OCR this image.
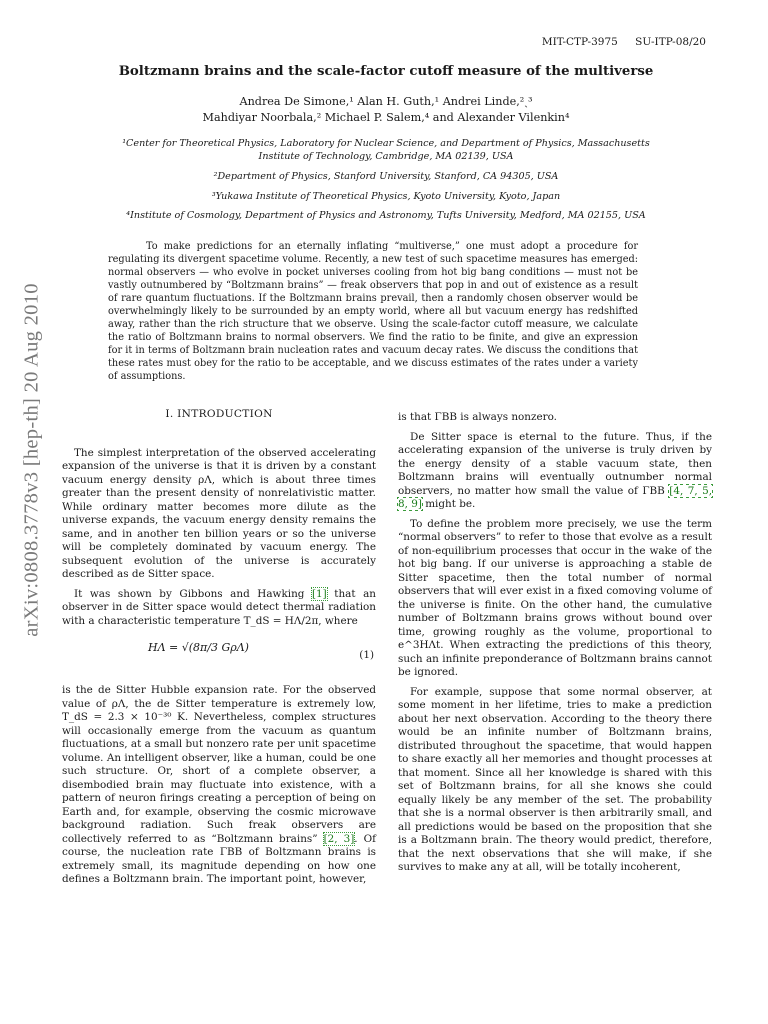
MIT-CTP-3975 SU-ITP-08/20
arXiv:0808.3778v3 [hep-th] 20 Aug 2010
Boltzmann brains and the scale-factor cutoff measure of the multiverse
Andrea De Simone,¹ Alan H. Guth,¹ Andrei Linde,²ˎ³
Mahdiyar Noorbala,² Michael P. Salem,⁴ and Alexander Vilenkin⁴
¹Center for Theoretical Physics, Laboratory for Nuclear Science, and Department of Physics, Massachusetts Institute of Technology, Cambridge, MA 02139, USA
²Department of Physics, Stanford University, Stanford, CA 94305, USA
³Yukawa Institute of Theoretical Physics, Kyoto University, Kyoto, Japan
⁴Institute of Cosmology, Department of Physics and Astronomy, Tufts University, Medford, MA 02155, USA
To make predictions for an eternally inflating “multiverse,” one must adopt a procedure for regulating its divergent spacetime volume. Recently, a new test of such spacetime measures has emerged: normal observers — who evolve in pocket universes cooling from hot big bang conditions — must not be vastly outnumbered by “Boltzmann brains” — freak observers that pop in and out of existence as a result of rare quantum fluctuations. If the Boltzmann brains prevail, then a randomly chosen observer would be overwhelmingly likely to be surrounded by an empty world, where all but vacuum energy has redshifted away, rather than the rich structure that we observe. Using the scale-factor cutoff measure, we calculate the ratio of Boltzmann brains to normal observers. We find the ratio to be finite, and give an expression for it in terms of Boltzmann brain nucleation rates and vacuum decay rates. We discuss the conditions that these rates must obey for the ratio to be acceptable, and we discuss estimates of the rates under a variety of assumptions.
I. INTRODUCTION

The simplest interpretation of the observed accelerating expansion of the universe is that it is driven by a constant vacuum energy density ρΛ, which is about three times greater than the present density of nonrelativistic matter. While ordinary matter becomes more dilute as the universe expands, the vacuum energy density remains the same, and in another ten billion years or so the universe will be completely dominated by vacuum energy. The subsequent evolution of the universe is accurately described as de Sitter space.

It was shown by Gibbons and Hawking [1] that an observer in de Sitter space would detect thermal radiation with a characteristic temperature T_dS = HΛ/2π, where

HΛ = √(8π/3 GρΛ)
(1)

is the de Sitter Hubble expansion rate. For the observed value of ρΛ, the de Sitter temperature is extremely low, T_dS = 2.3 × 10⁻³⁰ K. Nevertheless, complex structures will occasionally emerge from the vacuum as quantum fluctuations, at a small but nonzero rate per unit spacetime volume. An intelligent observer, like a human, could be one such structure. Or, short of a complete observer, a disembodied brain may fluctuate into existence, with a pattern of neuron firings creating a perception of being on Earth and, for example, observing the cosmic microwave background radiation. Such freak observers are collectively referred to as “Boltzmann brains” [2, 3]. Of course, the nucleation rate ΓBB of Boltzmann brains is extremely small, its magnitude depending on how one defines a Boltzmann brain. The important point, however,

is that ΓBB is always nonzero.

De Sitter space is eternal to the future. Thus, if the accelerating expansion of the universe is truly driven by the energy density of a stable vacuum state, then Boltzmann brains will eventually outnumber normal observers, no matter how small the value of ΓBB [4, 7, 5, 8, 9] might be.

To define the problem more precisely, we use the term “normal observers” to refer to those that evolve as a result of non-equilibrium processes that occur in the wake of the hot big bang. If our universe is approaching a stable de Sitter spacetime, then the total number of normal observers that will ever exist in a fixed comoving volume of the universe is finite. On the other hand, the cumulative number of Boltzmann brains grows without bound over time, growing roughly as the volume, proportional to e^3HΛt. When extracting the predictions of this theory, such an infinite preponderance of Boltzmann brains cannot be ignored.

For example, suppose that some normal observer, at some moment in her lifetime, tries to make a prediction about her next observation. According to the theory there would be an infinite number of Boltzmann brains, distributed throughout the spacetime, that would happen to share exactly all her memories and thought processes at that moment. Since all her knowledge is shared with this set of Boltzmann brains, for all she knows she could equally likely be any member of the set. The probability that she is a normal observer is then arbitrarily small, and all predictions would be based on the proposition that she is a Boltzmann brain. The theory would predict, therefore, that the next observations that she will make, if she survives to make any at all, will be totally incoherent,
